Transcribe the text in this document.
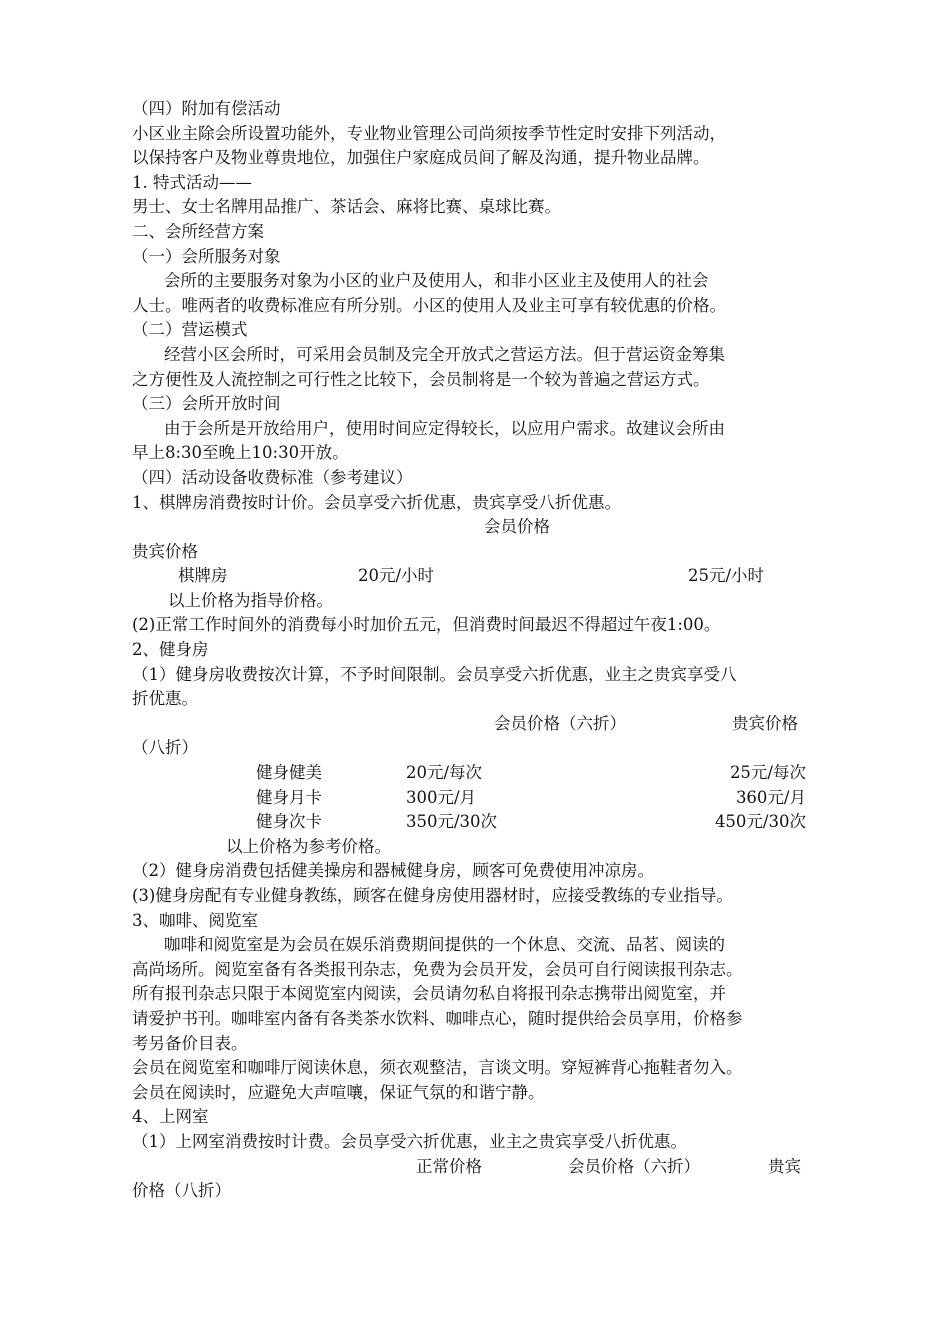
（四）附加有偿活动
小区业主除会所设置功能外，专业物业管理公司尚须按季节性定时安排下列活动，
以保持客户及物业尊贵地位，加强住户家庭成员间了解及沟通，提升物业品牌。
1. 特式活动——
男士、女士名牌用品推广、茶话会、麻将比赛、桌球比赛。
二、会所经营方案
（一）会所服务对象
会所的主要服务对象为小区的业户及使用人，和非小区业主及使用人的社会
人士。唯两者的收费标准应有所分别。小区的使用人及业主可享有较优惠的价格。
（二）营运模式
经营小区会所时，可采用会员制及完全开放式之营运方法。但于营运资金筹集
之方便性及人流控制之可行性之比较下，会员制将是一个较为普遍之营运方式。
（三）会所开放时间
由于会所是开放给用户，使用时间应定得较长，以应用户需求。故建议会所由
早上8:30至晚上10:30开放。
（四）活动设备收费标准（参考建议）
1、棋牌房消费按时计价。会员享受六折优惠，贵宾享受八折优惠。
会员价格
贵宾价格
棋牌房	20元/小时	25元/小时
以上价格为指导价格。
(2)正常工作时间外的消费每小时加价五元，但消费时间最迟不得超过午夜1:00。
2、健身房
（1）健身房收费按次计算，不予时间限制。会员享受六折优惠，业主之贵宾享受八
折优惠。
会员价格（六折）	贵宾价格
（八折）
健身健美	20元/每次	25元/每次
健身月卡	300元/月	360元/月
健身次卡	350元/30次	450元/30次
以上价格为参考价格。
（2）健身房消费包括健美操房和器械健身房，顾客可免费使用冲凉房。
(3)健身房配有专业健身教练，顾客在健身房使用器材时，应接受教练的专业指导。
3、咖啡、阅览室
咖啡和阅览室是为会员在娱乐消费期间提供的一个休息、交流、品茗、阅读的
高尚场所。阅览室备有各类报刊杂志，免费为会员开发，会员可自行阅读报刊杂志。
所有报刊杂志只限于本阅览室内阅读，会员请勿私自将报刊杂志携带出阅览室，并
请爱护书刊。咖啡室内备有各类茶水饮料、咖啡点心，随时提供给会员享用，价格参
考另备价目表。
会员在阅览室和咖啡厅阅读休息，须衣观整洁，言谈文明。穿短裤背心拖鞋者勿入。
会员在阅读时，应避免大声喧嚷，保证气氛的和谐宁静。
4、上网室
（1）上网室消费按时计费。会员享受六折优惠，业主之贵宾享受八折优惠。
正常价格	会员价格（六折）	贵宾
价格（八折）
